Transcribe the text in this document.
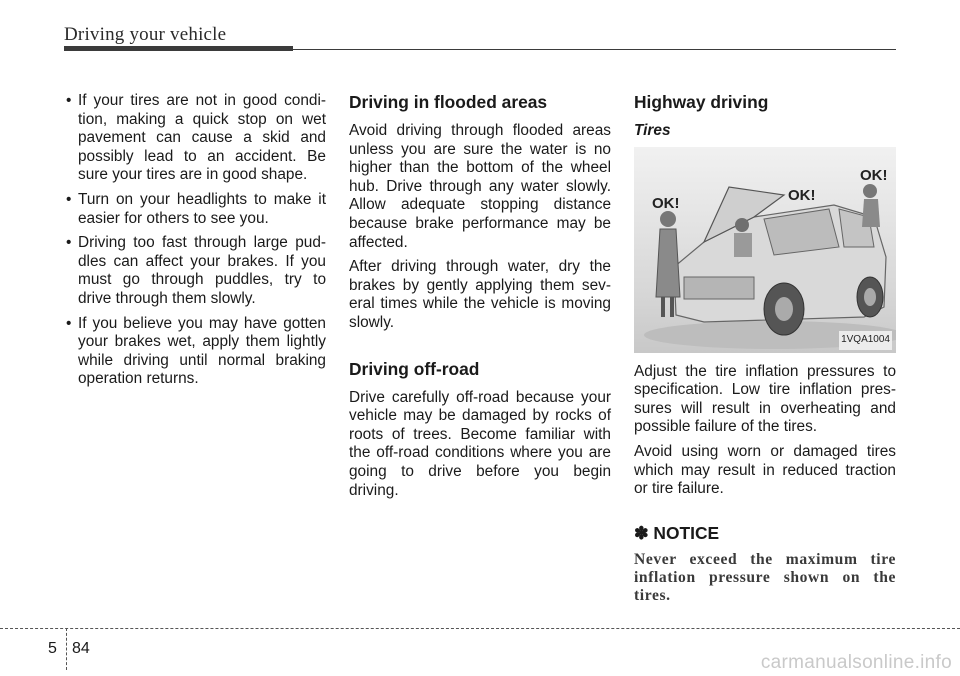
Driving your vehicle
• If your tires are not in good condi-tion, making a quick stop on wet pavement can cause a skid and possibly lead to an accident. Be sure your tires are in good shape.
• Turn on your headlights to make it easier for others to see you.
• Driving too fast through large pud-dles can affect your brakes. If you must go through puddles, try to drive through them slowly.
• If you believe you may have gotten your brakes wet, apply them lightly while driving until normal braking operation returns.
Driving in flooded areas

Avoid driving through flooded areas unless you are sure the water is no higher than the bottom of the wheel hub. Drive through any water slowly. Allow adequate stopping distance because brake performance may be affected.

After driving through water, dry the brakes by gently applying them sev-eral times while the vehicle is moving slowly.

Driving off-road

Drive carefully off-road because your vehicle may be damaged by rocks of roots of trees. Become familiar with the off-road conditions where you are going to drive before you begin driving.

Highway driving
Tires
OK!	OK!
OK!
1VQA1004

Adjust the tire inflation pressures to specification. Low tire inflation pres-sures will result in overheating and possible failure of the tires.

Avoid using worn or damaged tires which may result in reduced traction or tire failure.

✽ NOTICE
Never exceed the maximum tire inflation pressure shown on the tires.
5 84
carmanualsonline.info
